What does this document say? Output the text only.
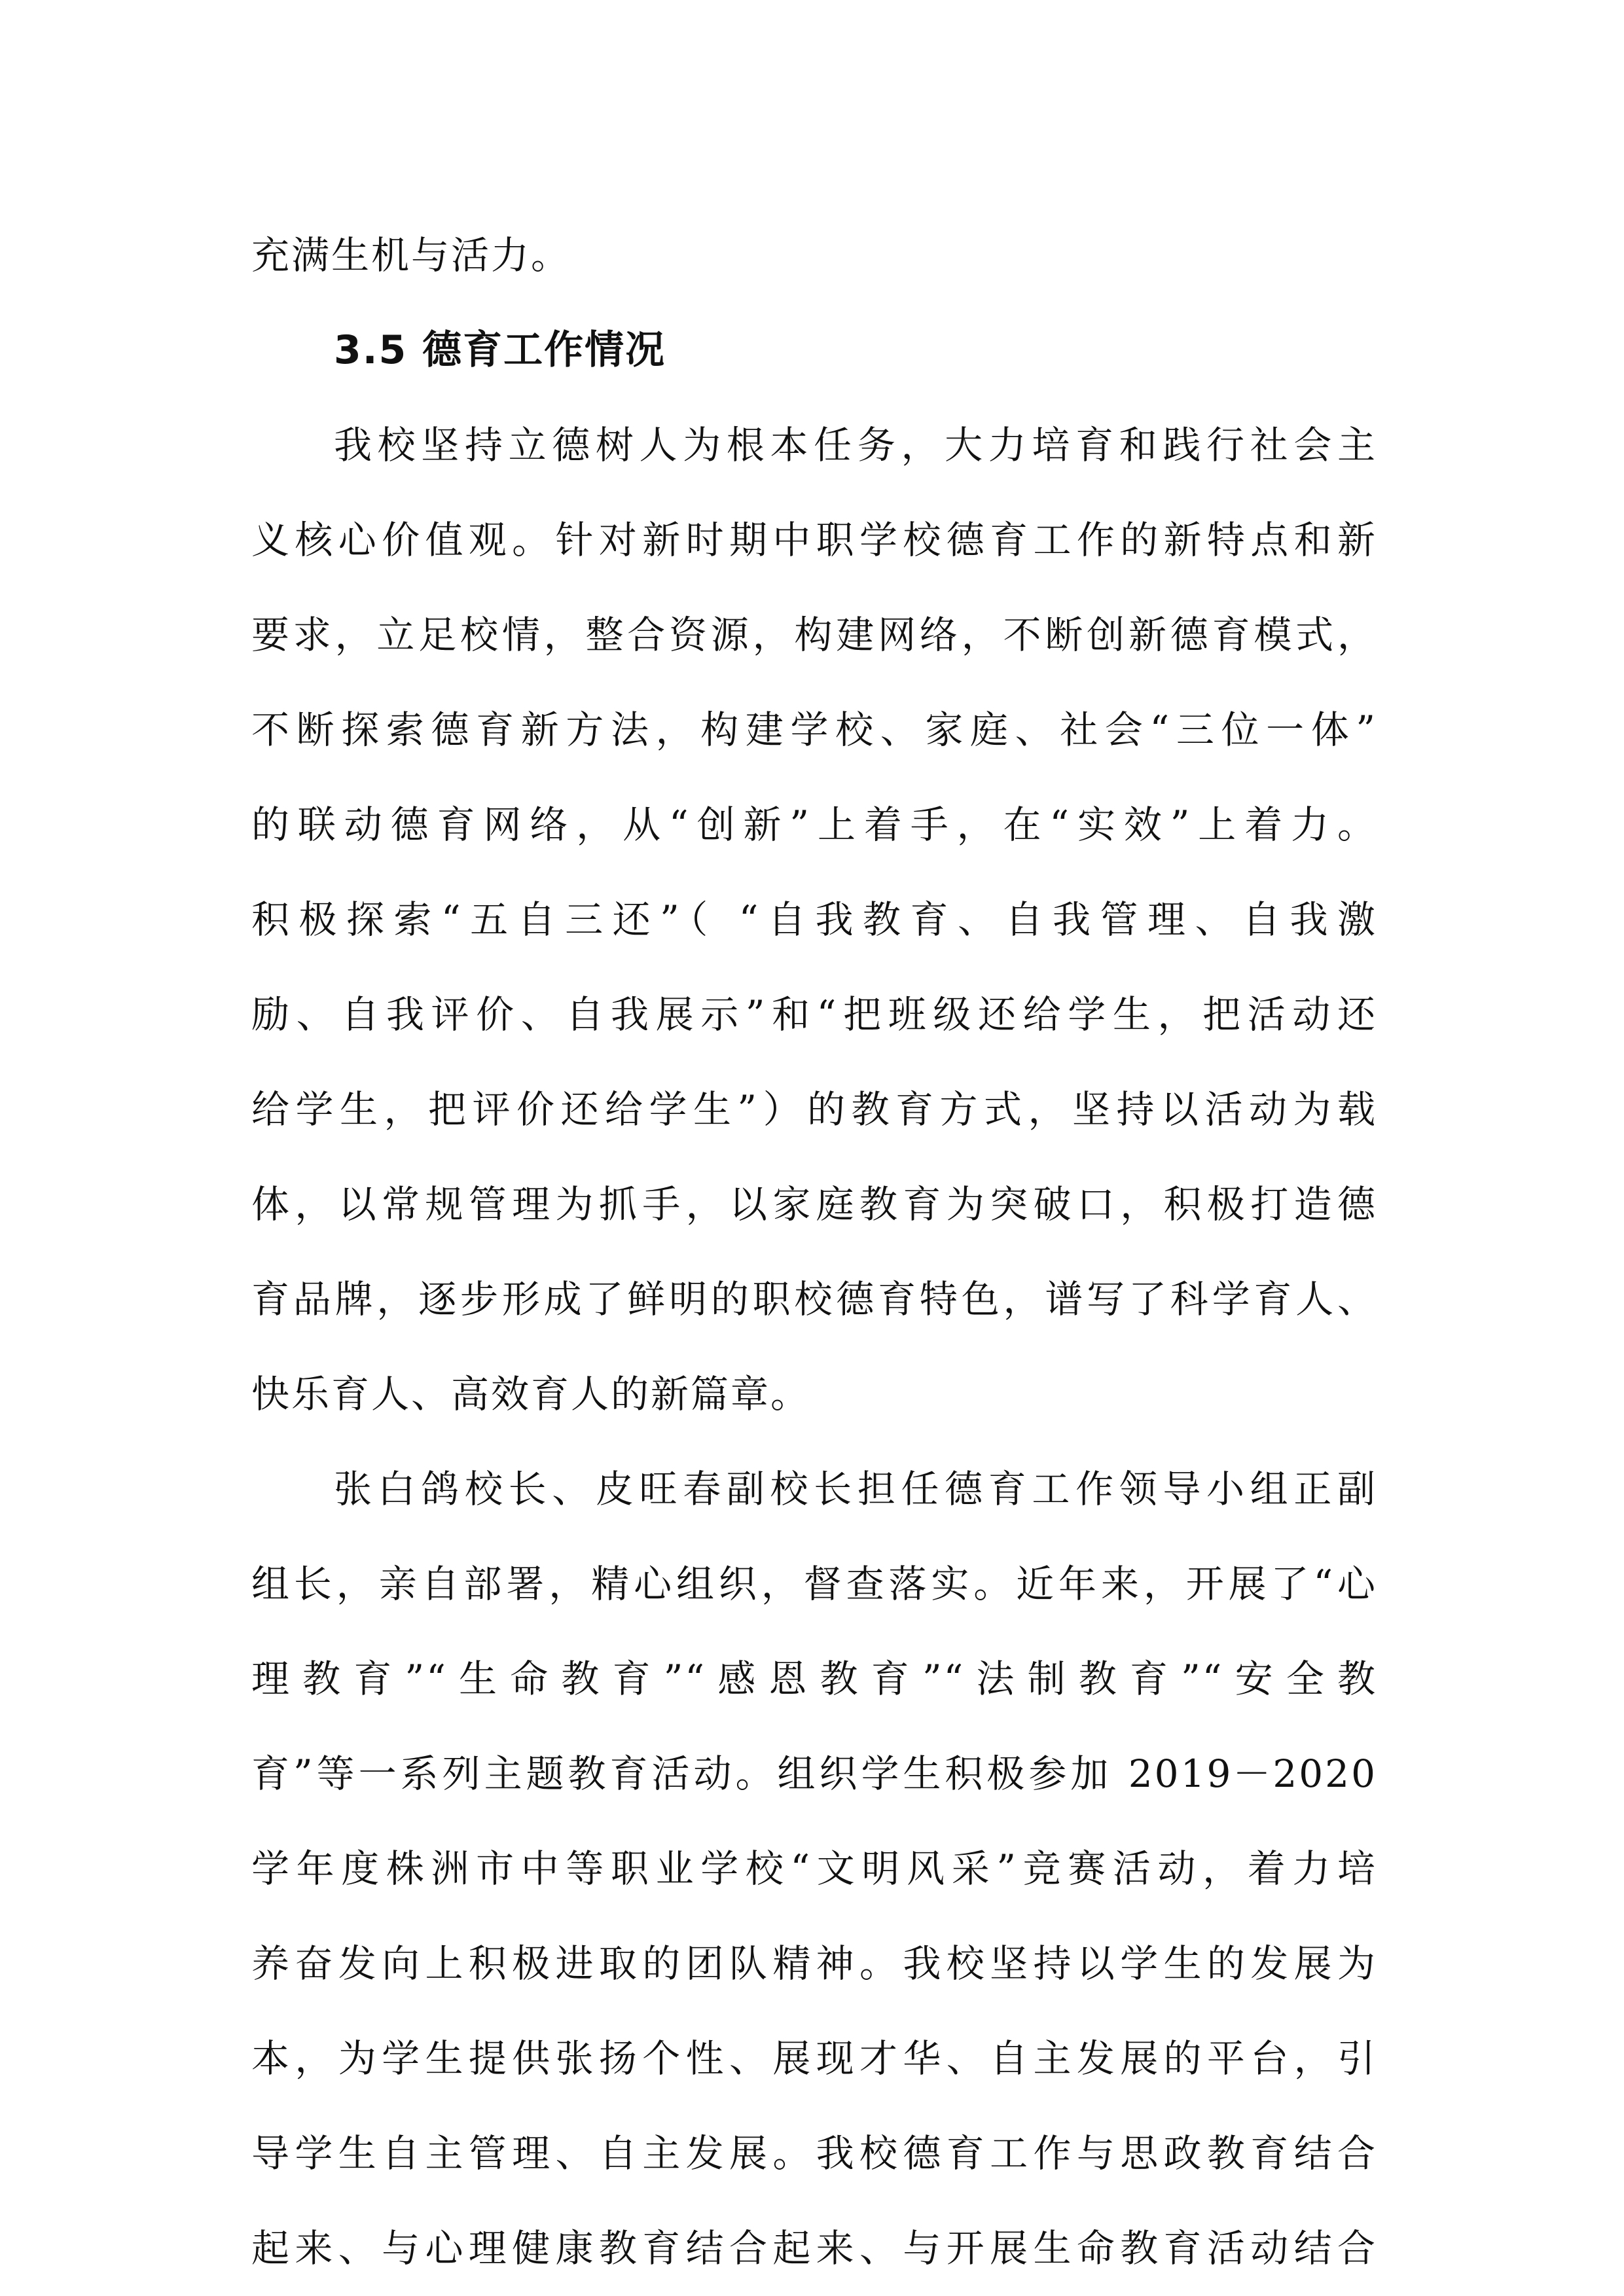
充满生机与活力。
3.5 德育工作情况
我校坚持立德树人为根本任务，大力培育和践行社会主
义核心价值观。针对新时期中职学校德育工作的新特点和新
要求，立足校情，整合资源，构建网络，不断创新德育模式，
不断探索德育新方法，构建学校、家庭、社会“三位一体”
的联动德育网络，从“创新”上着手，在“实效”上着力。
积极探索“五自三还”（ “自我教育、自我管理、自我激
励、自我评价、自我展示”和“把班级还给学生，把活动还
给学生，把评价还给学生”）的教育方式，坚持以活动为载
体，以常规管理为抓手，以家庭教育为突破口，积极打造德
育品牌，逐步形成了鲜明的职校德育特色，谱写了科学育人、
快乐育人、高效育人的新篇章。
张白鸽校长、皮旺春副校长担任德育工作领导小组正副
组长，亲自部署，精心组织，督查落实。近年来，开展了“心
理教育”“生命教育”“感恩教育”“法制教育”“安全教
育”等一系列主题教育活动。组织学生积极参加 2019－2020
学年度株洲市中等职业学校“文明风采”竞赛活动，着力培
养奋发向上积极进取的团队精神。我校坚持以学生的发展为
本，为学生提供张扬个性、展现才华、自主发展的平台，引
导学生自主管理、自主发展。我校德育工作与思政教育结合
起来、与心理健康教育结合起来、与开展生命教育活动结合
